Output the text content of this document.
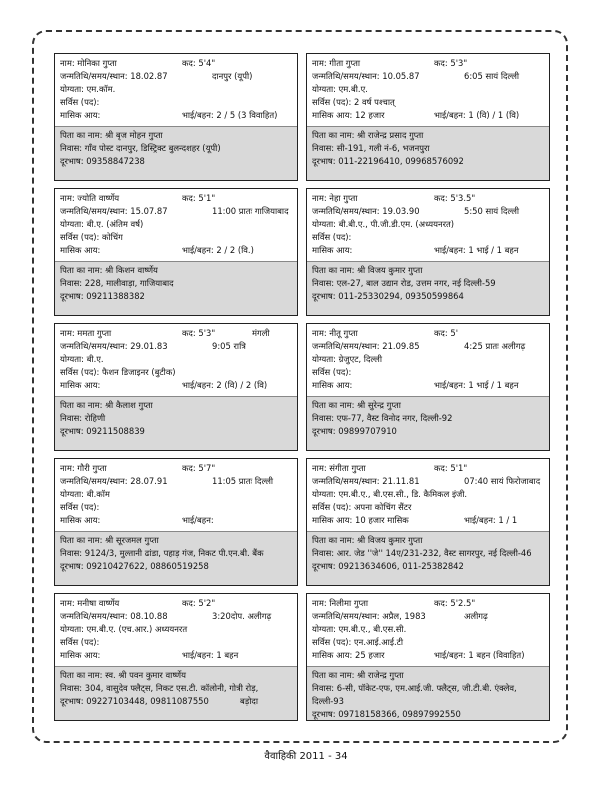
नाम: मोनिका गुप्ता	कद: 5'4"
जन्मतिथि/समय/स्थान: 18.02.87	दानपुर (यूपी)
योग्यता: एम.कॉम.
सर्विस (पद):
मासिक आय:	भाई/बहन: 2 / 5 (3 विवाहित)
पिता का नाम: श्री बृज मोहन गुप्ता
निवास: गाँव पोस्ट दानपुर, डिस्ट्रिक्ट बुलन्दशहर (यूपी)
दूरभाष: 09358847238
नाम: गीता गुप्ता	कद: 5'3"
जन्मतिथि/समय/स्थान: 10.05.87	6:05 सायं दिल्ली
योग्यता: एम.बी.ए.
सर्विस (पद): 2 वर्ष पश्चात्
मासिक आय: 12 हजार	भाई/बहन: 1 (वि) / 1 (वि)
पिता का नाम: श्री राजेन्द्र प्रसाद गुप्ता
निवास: सी-191, गली नं-6, भजनपुरा
दूरभाष: 011-22196410, 09968576092
नाम: ज्योति वार्ष्णेय	कद: 5'1"
जन्मतिथि/समय/स्थान: 15.07.87	11:00 प्रातः गाजियाबाद
योग्यता: बी.ए. (अंतिम वर्ष)
सर्विस (पद): कोचिंग
मासिक आय:	भाई/बहन: 2 / 2 (वि.)
पिता का नाम: श्री किशन वार्ष्णेय
निवास: 228, मालीवाड़ा, गाजियाबाद
दूरभाष: 09211388382
नाम: नेहा गुप्ता	कद: 5'3.5"
जन्मतिथि/समय/स्थान: 19.03.90	5:50 सायं दिल्ली
योग्यता: बी.बी.ए., पी.जी.डी.एम. (अध्ययनरत)
सर्विस (पद):
मासिक आय:	भाई/बहन: 1 भाई / 1 बहन
पिता का नाम: श्री विजय कुमार गुप्ता
निवास: एल-27, बाल उद्यान रोड, उत्तम नगर, नई दिल्ली-59
दूरभाष: 011-25330294, 09350599864
नाम: ममता गुप्ता	कद: 5'3"	मंगली
जन्मतिथि/समय/स्थान: 29.01.83	9:05 रात्रि
योग्यता: बी.ए.
सर्विस (पद): फैशन डिजाइनर (बुटीक)
मासिक आय:	भाई/बहन: 2 (वि) / 2 (वि)
पिता का नाम: श्री कैलाश गुप्ता
निवास: रोहिणी
दूरभाष: 09211508839
नाम: नीतू गुप्ता	कद: 5'
जन्मतिथि/समय/स्थान: 21.09.85	4:25 प्रातः अलीगढ़
योग्यता: ग्रेजुएट, दिल्ली
सर्विस (पद):
मासिक आय:	भाई/बहन: 1 भाई / 1 बहन
पिता का नाम: श्री सुरेन्द्र गुप्ता
निवास: एफ-77, वैस्ट विनोद नगर, दिल्ली-92
दूरभाष: 09899707910
नाम: गौरी गुप्ता	कद: 5'7"
जन्मतिथि/समय/स्थान: 28.07.91	11:05 प्रातः दिल्ली
योग्यता: बी.कॉम
सर्विस (पद):
मासिक आय:	भाई/बहन:
पिता का नाम: श्री सूरजमल गुप्ता
निवास: 9124/3, मुल्तानी ढांडा, पहाड़ गंज, निकट पी.एन.बी. बैंक
दूरभाष: 09210427622, 08860519258
नाम: संगीता गुप्ता	कद: 5'1"
जन्मतिथि/समय/स्थान: 21.11.81	07:40 सायं फिरोजाबाद
योग्यता: एम.बी.ए., बी.एस.सी., डि. कैमिकल इंजी.
सर्विस (पद): अपना कोचिंग सैंटर
मासिक आय: 10 हजार मासिक	भाई/बहन: 1 / 1
पिता का नाम: श्री विजय कुमार गुप्ता
निवास: आर. जेड ''जे'' 14ए/231-232, वैस्ट सागरपुर, नई दिल्ली-46
दूरभाष: 09213634606, 011-25382842
नाम: मनीषा वार्ष्णेय	कद: 5'2"
जन्मतिथि/समय/स्थान: 08.10.88	3:20दोप. अलीगढ़
योग्यता: एम.बी.ए. (एच.आर.) अध्ययनरत
सर्विस (पद):
मासिक आय:	भाई/बहन: 1 बहन
पिता का नाम: स्व. श्री पवन कुमार वार्ष्णेय
निवास: 304, वासुदेव फ्लैट्स, निकट एस.टी. कॉलोनी, गोत्री रोड़,
दूरभाष: 09227103448, 09811087550	बड़ोदा
नाम: निलीमा गुप्ता	कद: 5'2.5"
जन्मतिथि/समय/स्थान: अप्रैल, 1983	अलीगढ़
योग्यता: एम.बी.ए., बी.एस.सी.
सर्विस (पद): एन.आई.आई.टी
मासिक आय: 25 हजार	भाई/बहन: 1 बहन (विवाहित)
पिता का नाम: श्री राजेन्द्र गुप्ता
निवास: 6-सी, पॉकेट-एफ, एम.आई.जी. फ्लैट्स, जी.टी.बी. एंक्लेव, दिल्ली-93
दूरभाष: 09718158366, 09897992550
वैवाहिकी 2011 - 34
